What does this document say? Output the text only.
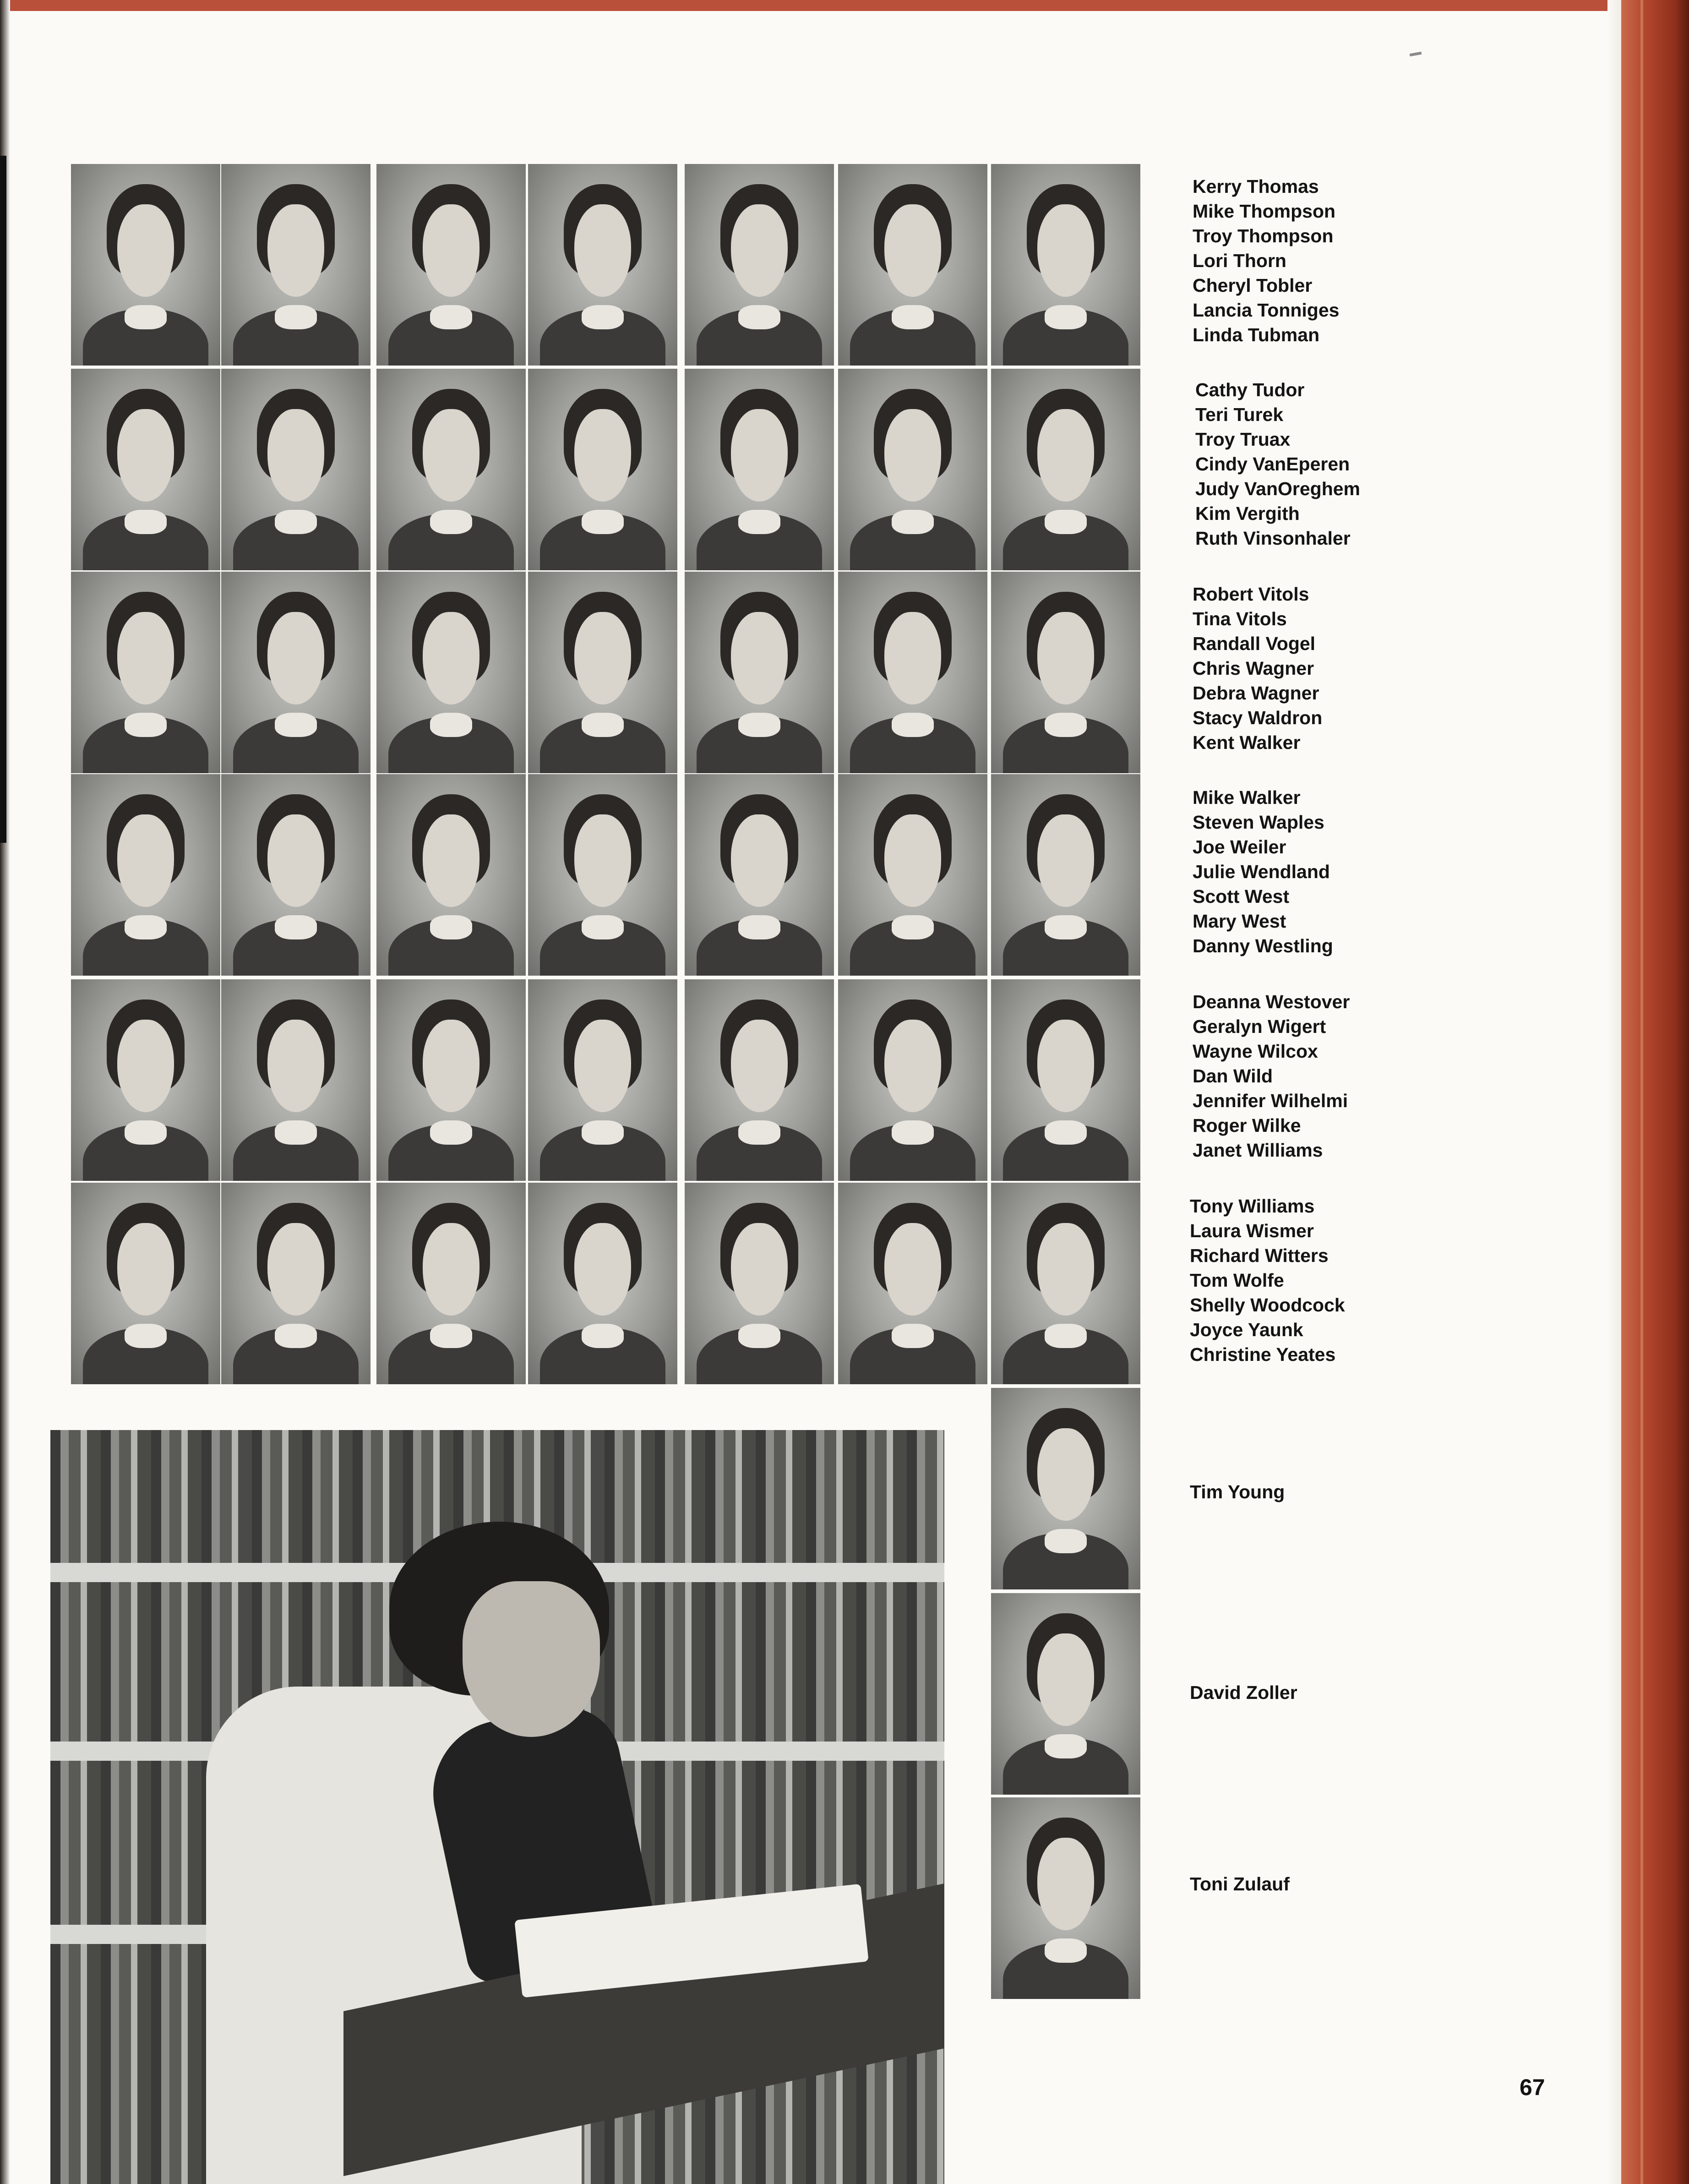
Kerry Thomas
Mike Thompson
Troy Thompson
Lori Thorn
Cheryl Tobler
Lancia Tonniges
Linda Tubman
Cathy Tudor
Teri Turek
Troy Truax
Cindy VanEperen
Judy VanOreghem
Kim Vergith
Ruth Vinsonhaler
Robert Vitols
Tina Vitols
Randall Vogel
Chris Wagner
Debra Wagner
Stacy Waldron
Kent Walker
Mike Walker
Steven Waples
Joe Weiler
Julie Wendland
Scott West
Mary West
Danny Westling
Deanna Westover
Geralyn Wigert
Wayne Wilcox
Dan Wild
Jennifer Wilhelmi
Roger Wilke
Janet Williams
Tony Williams
Laura Wismer
Richard Witters
Tom Wolfe
Shelly Woodcock
Joyce Yaunk
Christine Yeates
Tim Young
David Zoller
Toni Zulauf
67
